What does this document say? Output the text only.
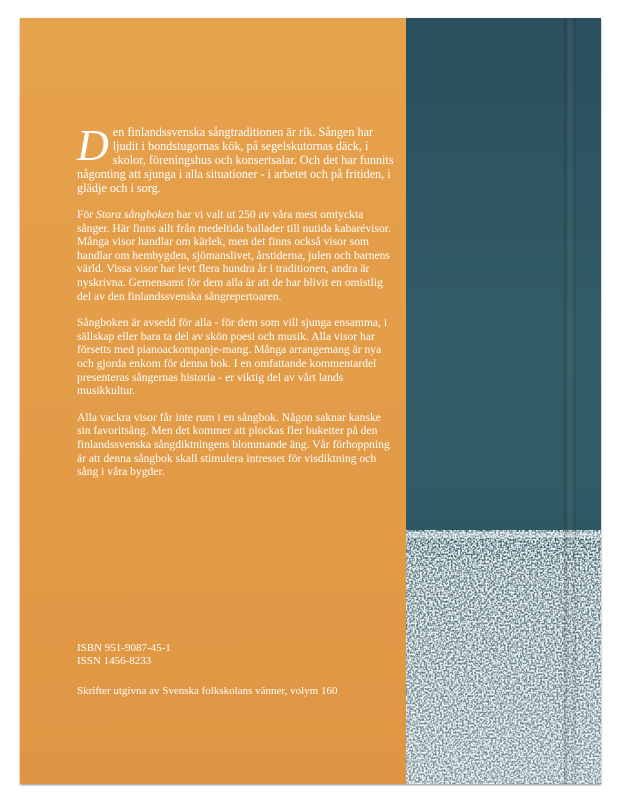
Den finlandssvenska sångtraditionen är rik. Sången har ljudit i bondstugornas kök, på segelskutornas däck, i skolor, föreningshus och konsertsalar. Och det har funnits någonting att sjunga i alla situationer - i arbetet och på fritiden, i glädje och i sorg.

För Stora sångboken har vi valt ut 250 av våra mest omtyckta sånger. Här finns allt från medeltida ballader till nutida kabarévisor. Många visor handlar om kärlek, men det finns också visor som handlar om hembygden, sjömanslivet, årstiderna, julen och barnens värld. Vissa visor har levt flera hundra år i traditionen, andra är nyskrivna. Gemensamt för dem alla är att de har blivit en omistlig del av den finlandssvenska sångrepertoaren.

Sångboken är avsedd för alla - för dem som vill sjunga ensamma, i sällskap eller bara ta del av skön poesi och musik. Alla visor har försetts med pianoackompanje-mang. Många arrangemang är nya och gjorda enkom för denna bok. I en omfattande kommentardel presenteras sångernas historia - er viktig del av vårt lands musikkultur.

Alla vackra visor får inte rum i en sångbok. Någon saknar kanske sin favoritsång. Men det kommer att plockas fler buketter på den finlandssvenska sångdiktningens blommande äng. Vår förhoppning är att denna sångbok skall stimulera intresset för visdiktning och sång i våra bygder.

ISBN 951-9087-45-1
ISSN 1456-8233
Skrifter utgivna av Svenska folkskolans vänner, volym 160
